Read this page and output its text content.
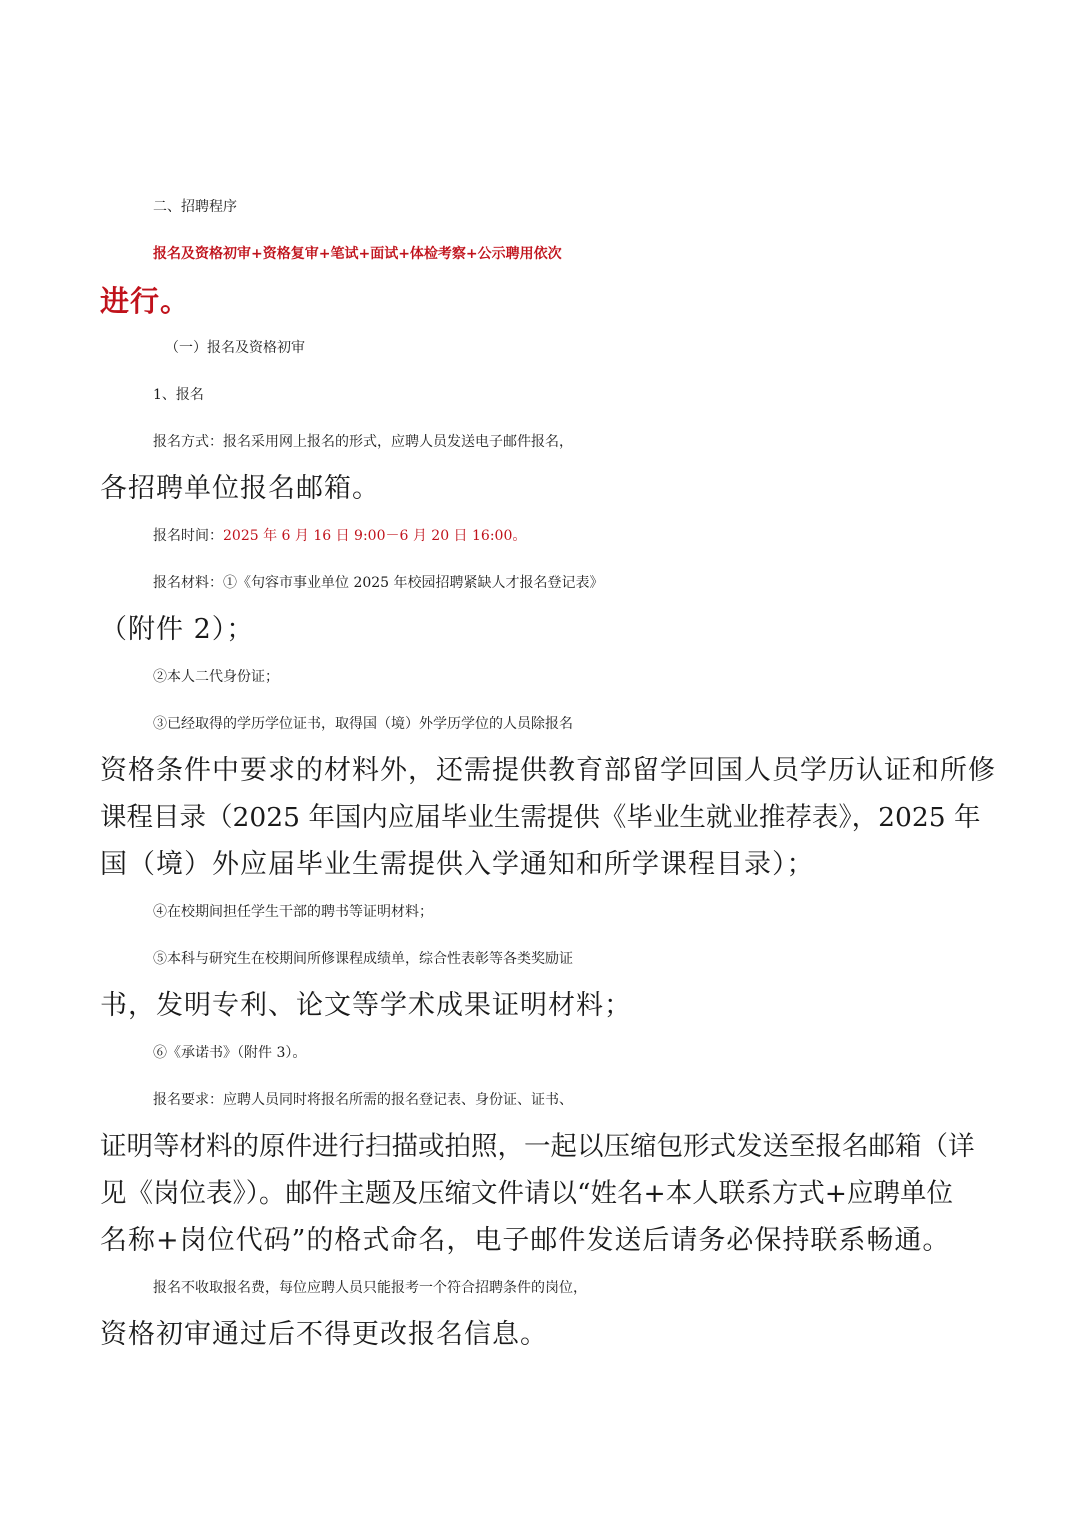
二、招聘程序
报名及资格初审+资格复审+笔试+面试+体检考察+公示聘用依次
进行。
（一）报名及资格初审
1、报名
报名方式：报名采用网上报名的形式，应聘人员发送电子邮件报名，
各招聘单位报名邮箱。
报名时间：2025 年 6 月 16 日 9:00－6 月 20 日 16:00。
报名材料：①《句容市事业单位 2025 年校园招聘紧缺人才报名登记表》
（附件 2）；
②本人二代身份证；
③已经取得的学历学位证书，取得国（境）外学历学位的人员除报名
资格条件中要求的材料外，还需提供教育部留学回国人员学历认证和所修
课程目录（2025 年国内应届毕业生需提供《毕业生就业推荐表》，2025 年
国（境）外应届毕业生需提供入学通知和所学课程目录）；
④在校期间担任学生干部的聘书等证明材料；
⑤本科与研究生在校期间所修课程成绩单，综合性表彰等各类奖励证
书，发明专利、论文等学术成果证明材料；
⑥《承诺书》（附件 3）。
报名要求：应聘人员同时将报名所需的报名登记表、身份证、证书、
证明等材料的原件进行扫描或拍照，一起以压缩包形式发送至报名邮箱（详
见《岗位表》）。邮件主题及压缩文件请以“姓名+本人联系方式+应聘单位
名称+岗位代码”的格式命名，电子邮件发送后请务必保持联系畅通。
报名不收取报名费，每位应聘人员只能报考一个符合招聘条件的岗位，
资格初审通过后不得更改报名信息。
